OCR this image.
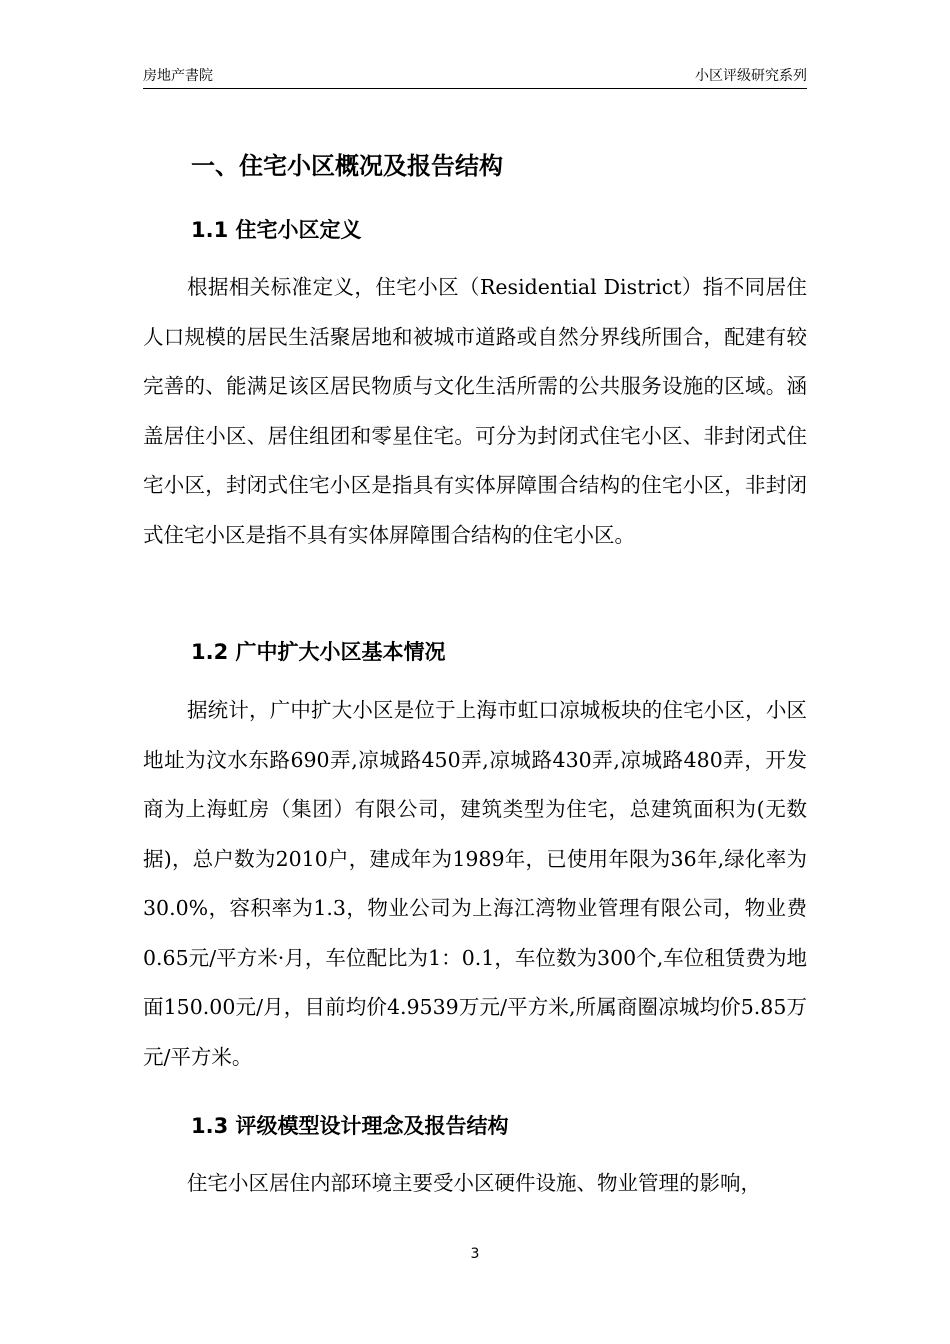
房地产書院	小区评级研究系列
一、住宅小区概况及报告结构
1.1 住宅小区定义

根据相关标准定义，住宅小区（Residential District）指不同居住人口规模的居民生活聚居地和被城市道路或自然分界线所围合，配建有较完善的、能满足该区居民物质与文化生活所需的公共服务设施的区域。涵盖居住小区、居住组团和零星住宅。可分为封闭式住宅小区、非封闭式住宅小区，封闭式住宅小区是指具有实体屏障围合结构的住宅小区，非封闭式住宅小区是指不具有实体屏障围合结构的住宅小区。

1.2 广中扩大小区基本情况

据统计，广中扩大小区是位于上海市虹口凉城板块的住宅小区，小区地址为汶水东路690弄,凉城路450弄,凉城路430弄,凉城路480弄，开发商为上海虹房（集团）有限公司，建筑类型为住宅，总建筑面积为(无数据)，总户数为2010户，建成年为1989年，已使用年限为36年,绿化率为30.0%，容积率为1.3，物业公司为上海江湾物业管理有限公司，物业费0.65元/平方米·月，车位配比为1：0.1，车位数为300个,车位租赁费为地面150.00元/月，目前均价4.9539万元/平方米,所属商圈凉城均价5.85万元/平方米。

1.3 评级模型设计理念及报告结构

住宅小区居住内部环境主要受小区硬件设施、物业管理的影响，

3
